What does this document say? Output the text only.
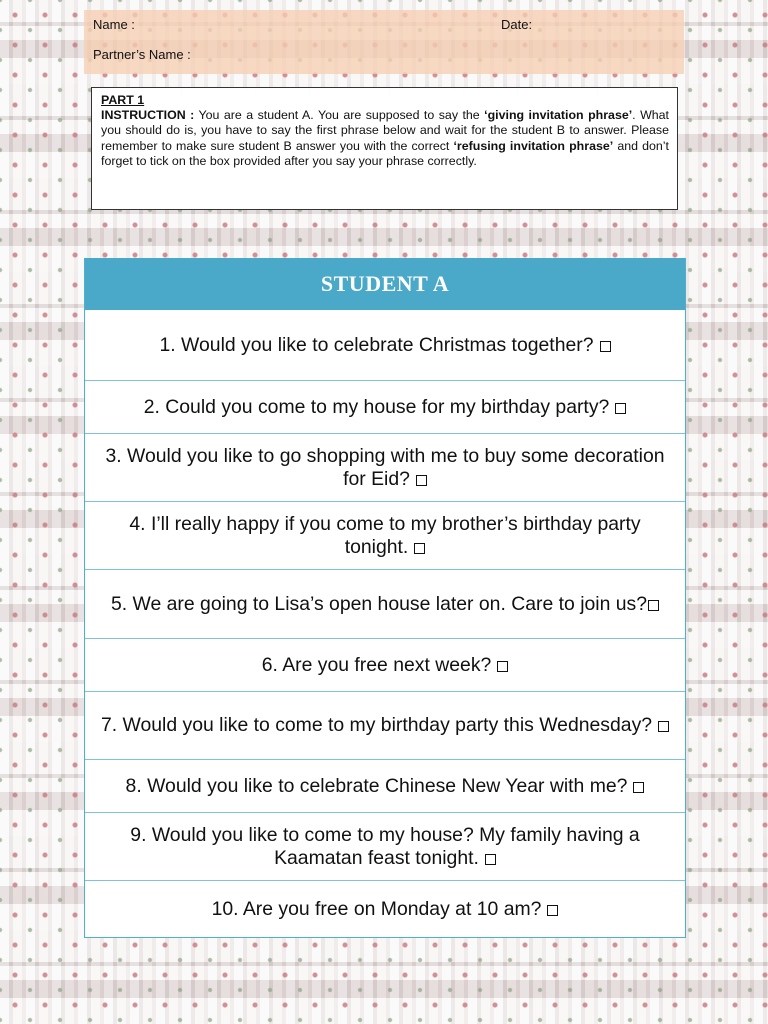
Name :	Date:
Partner’s Name :
PART 1
INSTRUCTION : You are a student A. You are supposed to say the ‘giving invitation phrase’. What you should do is, you have to say the first phrase below and wait for the student B to answer. Please remember to make sure student B answer you with the correct ‘refusing invitation phrase’ and don’t forget to tick on the box provided after you say your phrase correctly.
STUDENT A
1. Would you like to celebrate Christmas together?
2. Could you come to my house for my birthday party?
3. Would you like to go shopping with me to buy some decoration for Eid?
4. I’ll really happy if you come to my brother’s birthday party tonight.
5. We are going to Lisa’s open house later on. Care to join us?
6. Are you free next week?
7. Would you like to come to my birthday party this Wednesday?
8. Would you like to celebrate Chinese New Year with me?
9. Would you like to come to my house? My family having a Kaamatan feast tonight.
10. Are you free on Monday at 10 am?
